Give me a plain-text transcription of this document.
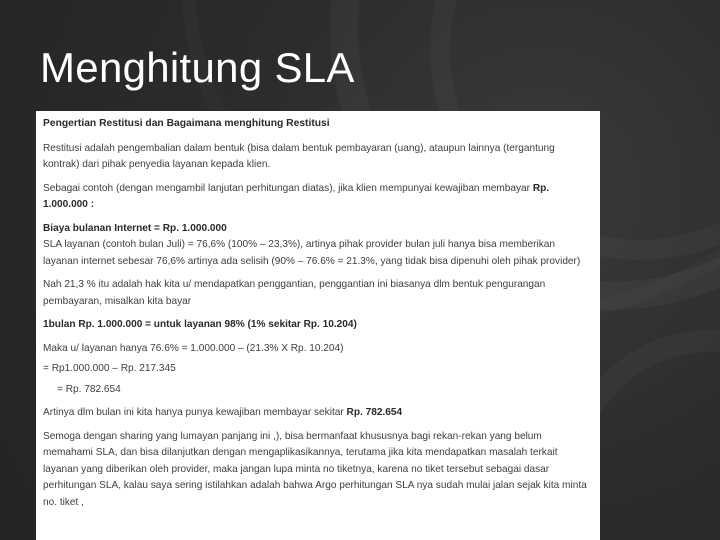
Menghitung SLA

Pengertian Restitusi dan Bagaimana menghitung Restitusi

Restitusi adalah pengembalian dalam bentuk (bisa dalam bentuk pembayaran (uang), ataupun lainnya (tergantung kontrak) dari pihak penyedia layanan kepada klien.

Sebagai contoh (dengan mengambil lanjutan perhitungan diatas), jika klien mempunyai kewajiban membayar Rp. 1.000.000 :

Biaya bulanan Internet = Rp. 1.000.000
SLA layanan (contoh bulan Juli) = 76,6% (100% – 23,3%), artinya pihak provider bulan juli hanya bisa memberikan layanan internet sebesar 76,6% artinya ada selisih (90% – 76.6% = 21.3%, yang tidak bisa dipenuhi oleh pihak provider)

Nah 21,3 % itu adalah hak kita u/ mendapatkan penggantian, penggantian ini biasanya dlm bentuk pengurangan pembayaran, misalkan kita bayar

1bulan Rp. 1.000.000 = untuk layanan 98% (1% sekitar Rp. 10.204)

Maka u/ layanan hanya 76.6% = 1.000.000 – (21.3% X Rp. 10.204)

= Rp1.000.000 – Rp. 217.345

= Rp. 782.654

Artinya dlm bulan ini kita hanya punya kewajiban membayar sekitar Rp. 782.654

Semoga dengan sharing yang lumayan panjang ini ,), bisa bermanfaat khususnya bagi rekan-rekan yang belum memahami SLA, dan bisa dilanjutkan dengan mengaplikasikannya, terutama jika kita mendapatkan masalah terkait layanan yang diberikan oleh provider, maka jangan lupa minta no tiketnya, karena no tiket tersebut sebagai dasar perhitungan SLA, kalau saya sering istilahkan adalah bahwa Argo perhitungan SLA nya sudah mulai jalan sejak kita minta no. tiket ,
